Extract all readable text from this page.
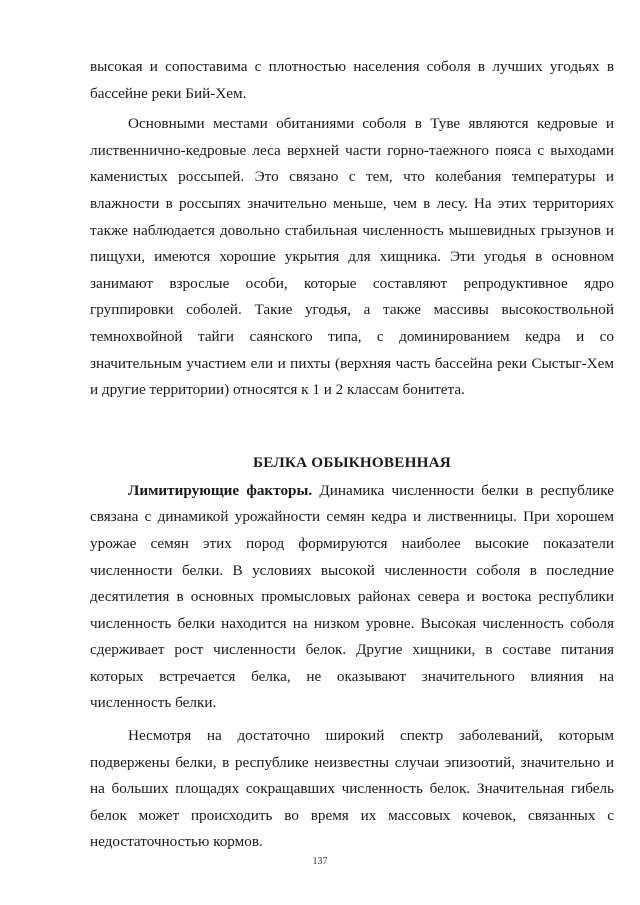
высокая и сопоставима с плотностью населения соболя в лучших угодьях в бассейне реки Бий-Хем.

Основными местами обитаниями соболя в Туве являются кедровые и лиственнично-кедровые леса верхней части горно-таежного пояса с выходами каменистых россыпей. Это связано с тем, что колебания температуры и влажности в россыпях значительно меньше, чем в лесу. На этих территориях также наблюдается довольно стабильная численность мышевидных грызунов и пищухи, имеются хорошие укрытия для хищника. Эти угодья в основном занимают взрослые особи, которые составляют репродуктивное ядро группировки соболей. Такие угодья, а также массивы высокоствольной темнохвойной тайги саянского типа, с доминированием кедра и со значительным участием ели и пихты (верхняя часть бассейна реки Сыстыг-Хем и другие территории) относятся к 1 и 2 классам бонитета.

БЕЛКА ОБЫКНОВЕННАЯ

Лимитирующие факторы. Динамика численности белки в республике связана с динамикой урожайности семян кедра и лиственницы. При хорошем урожае семян этих пород формируются наиболее высокие показатели численности белки. В условиях высокой численности соболя в последние десятилетия в основных промысловых районах севера и востока республики численность белки находится на низком уровне. Высокая численность соболя сдерживает рост численности белок. Другие хищники, в составе питания которых встречается белка, не оказывают значительного влияния на численность белки.

Несмотря на достаточно широкий спектр заболеваний, которым подвержены белки, в республике неизвестны случаи эпизоотий, значительно и на больших площадях сокращавших численность белок. Значительная гибель белок может происходить во время их массовых кочевок, связанных с недостаточностью кормов.

137
